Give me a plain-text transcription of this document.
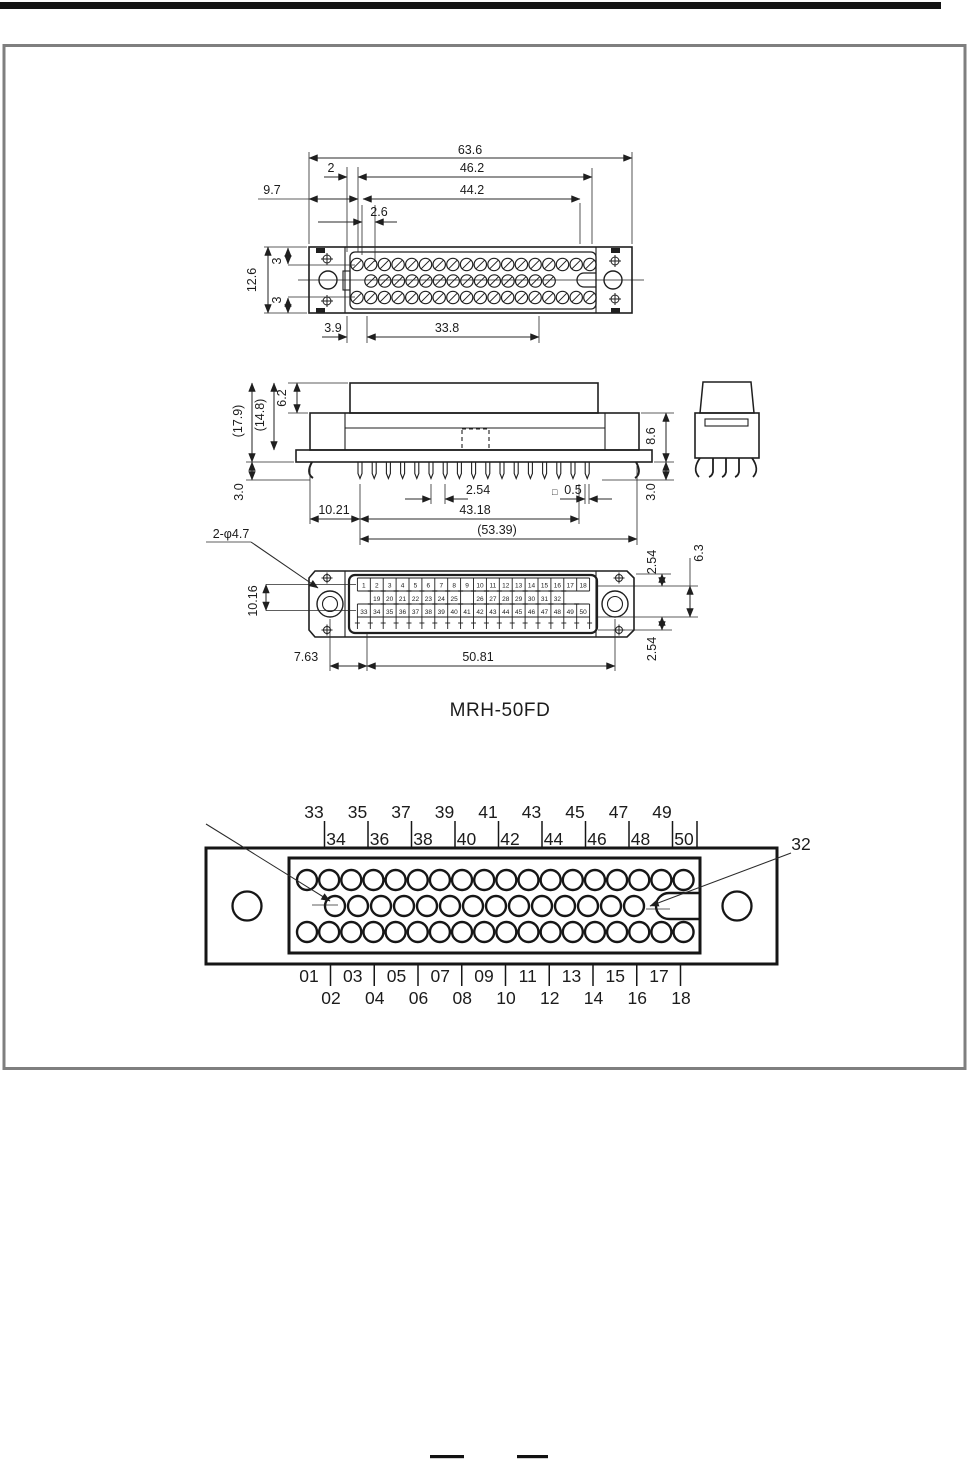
63.6
2	46.2
9.7	44.2
2.6
12.6
3
3
3.9	33.8
6.2
(14.8)
(17.9)
3.0
8.6
3.0
2.54	□ 0.5
10.21	43.18
(53.39)
1 2 3 4 5 6 7 8 9 10 11 12 13 14 15 16 17 18
33 34 35 36 37 38 39 40 41 42 43 44 45 46 47 48 49 50
19 20 21 22 23 24 25	26 27 28 29 30 31 32
2-φ4.7
10.16
7.63	50.81
2.54	6.3
2.54
MRH-50FD
33 35 37 39 41 43 45 47 49
34 36 38 40 42 44 46 48 50
01 03 05 07 09 11 13 15 17
02 04 06 08 10 12 14 16 18
32
